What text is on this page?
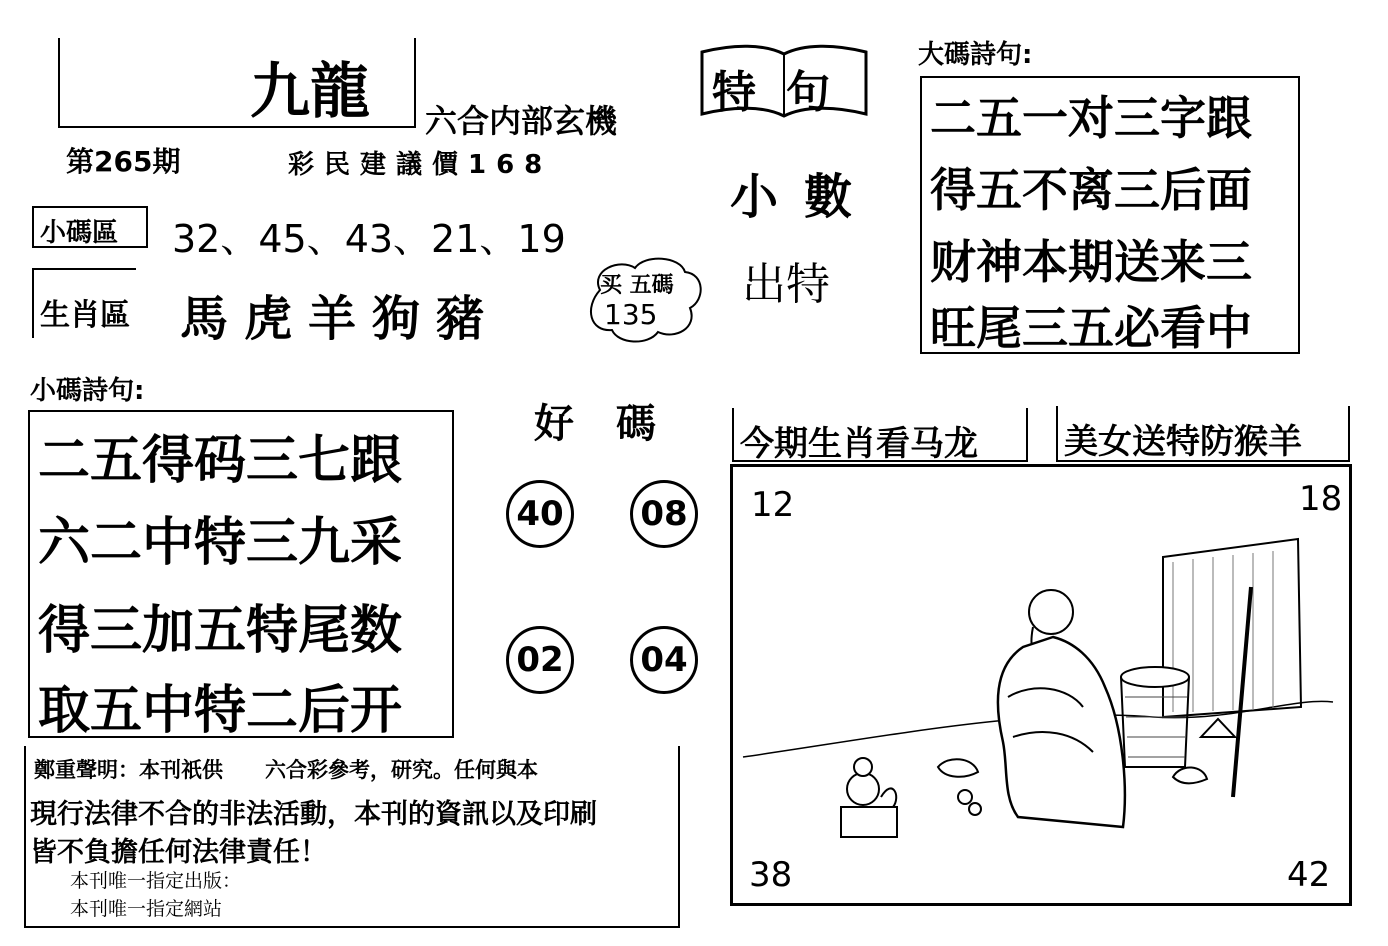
九龍 六合内部玄機
第265期	彩民建議價168
小碼區 32、45、43、21、19
生肖區 馬虎羊狗豬
买 五碼
135
特句
小數
出特
大碼詩句:
二五一对三字跟
得五不离三后面
财神本期送来三
旺尾三五必看中
小碼詩句:
二五得码三七跟
六二中特三九采
得三加五特尾数
取五中特二后开
好 碼
40	08
02	04
今期生肖看马龙	美女送特防猴羊
12	18
38	42
鄭重聲明：本刊祇供　　六合彩參考，研究。任何與本
現行法律不合的非法活動，本刊的資訊以及印刷
皆不負擔任何法律責任！
本刊唯一指定出版：
本刊唯一指定網站
